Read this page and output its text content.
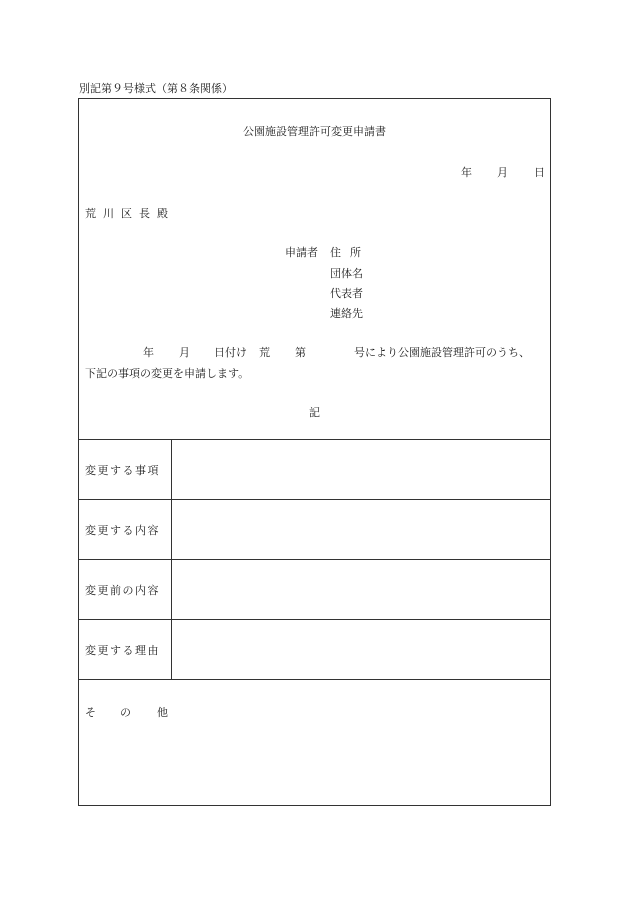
別記第９号様式（第８条関係）
公園施設管理許可変更申請書
年 月 日
荒川区長殿
申請者 住所
団体名
代表者
連絡先
年 月 日付け 荒 第	号により公園施設管理許可のうち、
下記の事項の変更を申請します。
記
変更する事項
変更する内容
変更前の内容
変更する理由
そ の 他
